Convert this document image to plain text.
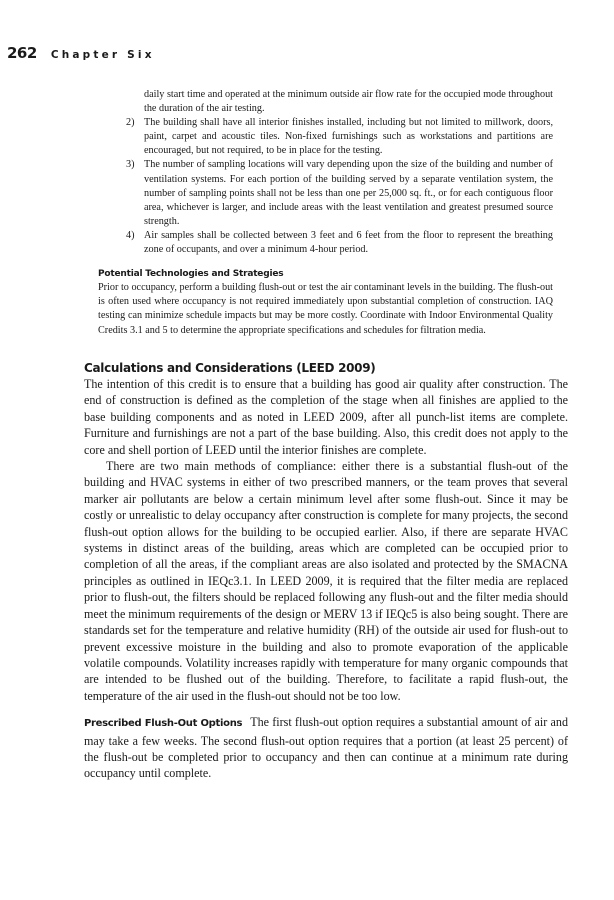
262 Chapter Six

daily start time and operated at the minimum outside air flow rate for the occupied mode throughout the duration of the air testing.

2) The building shall have all interior finishes installed, including but not limited to millwork, doors, paint, carpet and acoustic tiles. Non-fixed furnishings such as workstations and partitions are encouraged, but not required, to be in place for the testing.
3) The number of sampling locations will vary depending upon the size of the building and number of ventilation systems. For each portion of the building served by a separate ventilation system, the number of sampling points shall not be less than one per 25,000 sq. ft., or for each contiguous floor area, whichever is larger, and include areas with the least ventilation and greatest presumed source strength.
4) Air samples shall be collected between 3 feet and 6 feet from the floor to represent the breathing zone of occupants, and over a minimum 4-hour period.

Potential Technologies and Strategies

Prior to occupancy, perform a building flush-out or test the air contaminant levels in the building. The flush-out is often used where occupancy is not required immediately upon substantial completion of construction. IAQ testing can minimize schedule impacts but may be more costly. Coordinate with Indoor Environmental Quality Credits 3.1 and 5 to determine the appropriate specifications and schedules for filtration media.

Calculations and Considerations (LEED 2009)

The intention of this credit is to ensure that a building has good air quality after construction. The end of construction is defined as the completion of the stage when all finishes are applied to the base building components and as noted in LEED 2009, after all punch-list items are complete. Furniture and furnishings are not a part of the base building. Also, this credit does not apply to the core and shell portion of LEED until the interior finishes are complete.

There are two main methods of compliance: either there is a substantial flush-out of the building and HVAC systems in either of two prescribed manners, or the team proves that several marker air pollutants are below a certain minimum level after some flush-out. Since it may be costly or unrealistic to delay occupancy after construction is complete for many projects, the second flush-out option allows for the building to be occupied earlier. Also, if there are separate HVAC systems in distinct areas of the building, areas which are completed can be occupied prior to completion of all the areas, if the compliant areas are also isolated and protected by the SMACNA principles as outlined in IEQc3.1. In LEED 2009, it is required that the filter media are replaced prior to flush-out, the filters should be replaced following any flush-out and the filter media should meet the minimum requirements of the design or MERV 13 if IEQc5 is also being sought. There are standards set for the temperature and relative humidity (RH) of the outside air used for flush-out to prevent excessive moisture in the building and also to promote evaporation of the applicable volatile compounds. Volatility increases rapidly with temperature for many organic compounds that are intended to be flushed out of the building. Therefore, to facilitate a rapid flush-out, the temperature of the air used in the flush-out should not be too low.

Prescribed Flush-Out Options The first flush-out option requires a substantial amount of air and may take a few weeks. The second flush-out option requires that a portion (at least 25 percent) of the flush-out be completed prior to occupancy and then can continue at a minimum rate during occupancy until complete.
